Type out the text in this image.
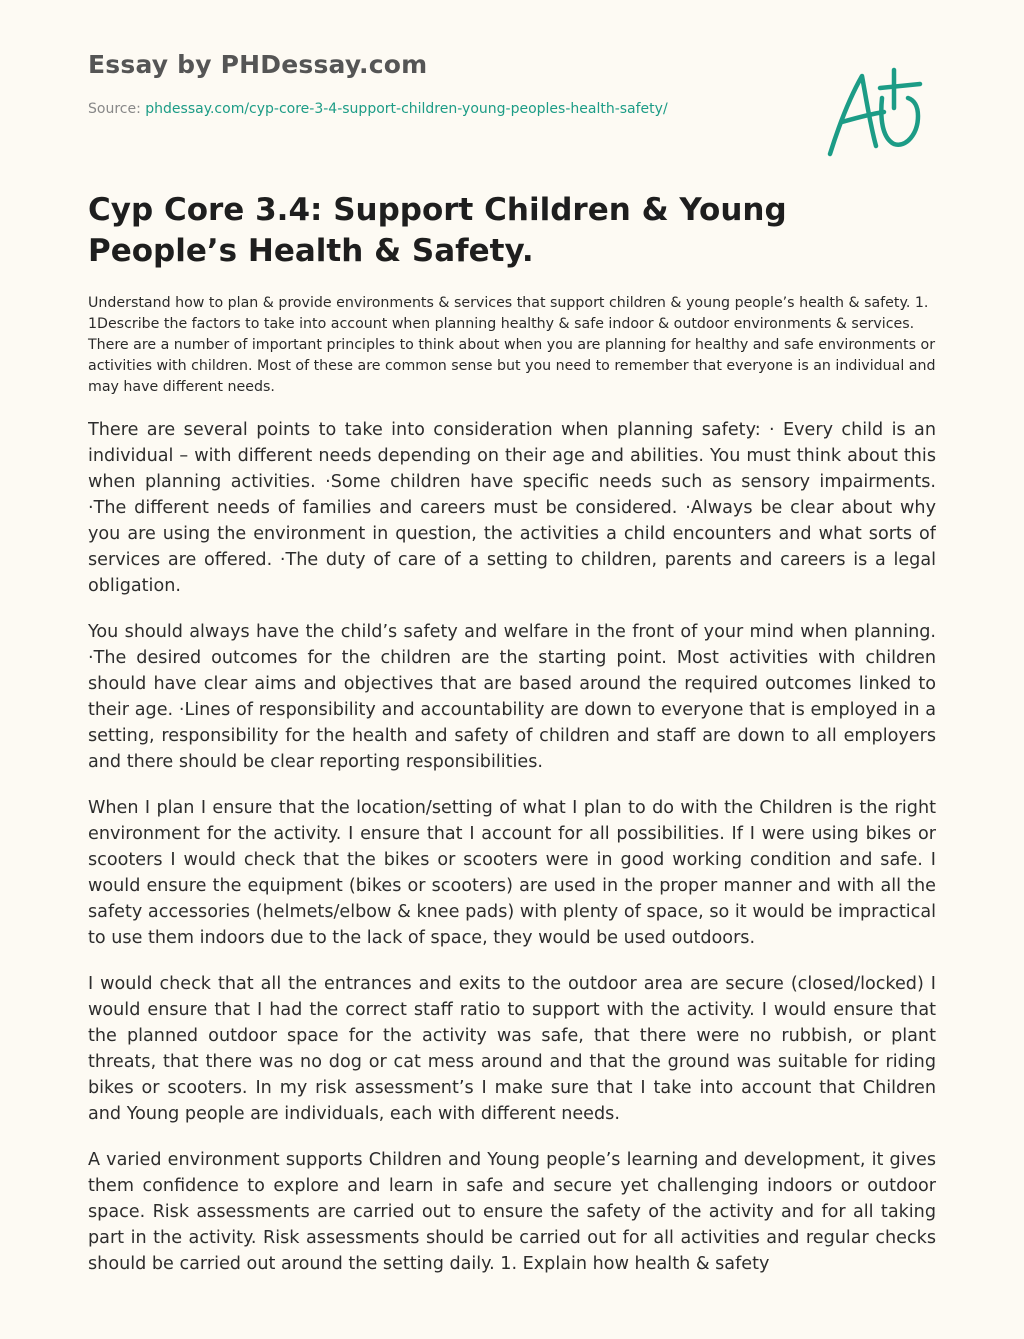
Essay by PHDessay.com
Source: phdessay.com/cyp-core-3-4-support-children-young-peoples-health-safety/
Cyp Core 3.4: Support Children & Young People’s Health & Safety.

Understand how to plan & provide environments & services that support children & young people’s health & safety. 1. 1Describe the factors to take into account when planning healthy & safe indoor & outdoor environments & services. There are a number of important principles to think about when you are planning for healthy and safe environments or activities with children. Most of these are common sense but you need to remember that everyone is an individual and may have different needs.

There are several points to take into consideration when planning safety: · Every child is an individual – with different needs depending on their age and abilities. You must think about this when planning activities. ·Some children have specific needs such as sensory impairments. ·The different needs of families and careers must be considered. ·Always be clear about why you are using the environment in question, the activities a child encounters and what sorts of services are offered. ·The duty of care of a setting to children, parents and careers is a legal obligation.

You should always have the child’s safety and welfare in the front of your mind when planning. ·The desired outcomes for the children are the starting point. Most activities with children should have clear aims and objectives that are based around the required outcomes linked to their age. ·Lines of responsibility and accountability are down to everyone that is employed in a setting, responsibility for the health and safety of children and staff are down to all employers and there should be clear reporting responsibilities.

When I plan I ensure that the location/setting of what I plan to do with the Children is the right environment for the activity. I ensure that I account for all possibilities. If I were using bikes or scooters I would check that the bikes or scooters were in good working condition and safe. I would ensure the equipment (bikes or scooters) are used in the proper manner and with all the safety accessories (helmets/elbow & knee pads) with plenty of space, so it would be impractical to use them indoors due to the lack of space, they would be used outdoors.

I would check that all the entrances and exits to the outdoor area are secure (closed/locked) I would ensure that I had the correct staff ratio to support with the activity. I would ensure that the planned outdoor space for the activity was safe, that there were no rubbish, or plant threats, that there was no dog or cat mess around and that the ground was suitable for riding bikes or scooters. In my risk assessment’s I make sure that I take into account that Children and Young people are individuals, each with different needs.

A varied environment supports Children and Young people’s learning and development, it gives them confidence to explore and learn in safe and secure yet challenging indoors or outdoor space. Risk assessments are carried out to ensure the safety of the activity and for all taking part in the activity. Risk assessments should be carried out for all activities and regular checks should be carried out around the setting daily. 1. Explain how health & safety
